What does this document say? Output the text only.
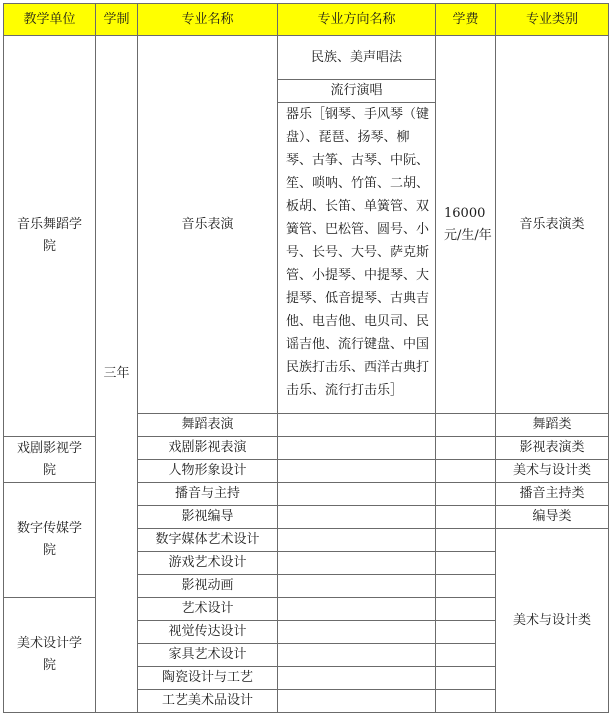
教学单位	学制	专业名称	专业方向名称	学费	专业类别
音乐舞蹈学院	三年	音乐表演	民族、美声唱法	16000元/生/年	音乐表演类
			流行演唱		
			器乐［钢琴、手风琴（键盘）、琵琶、扬琴、柳琴、古筝、古琴、中阮、笙、唢呐、竹笛、二胡、板胡、长笛、单簧管、双簧管、巴松管、圆号、小号、长号、大号、萨克斯管、小提琴、中提琴、大提琴、低音提琴、古典吉他、电吉他、电贝司、民谣吉他、流行键盘、中国民族打击乐、西洋古典打击乐、流行打击乐］		
		舞蹈表演			舞蹈类
戏剧影视学院		戏剧影视表演			影视表演类
		人物形象设计			美术与设计类
数字传媒学院		播音与主持			播音主持类
		影视编导			编导类
		数字媒体艺术设计			美术与设计类
		游戏艺术设计			
		影视动画			
美术设计学院		艺术设计			
		视觉传达设计			
		家具艺术设计			
		陶瓷设计与工艺			
		工艺美术品设计			
